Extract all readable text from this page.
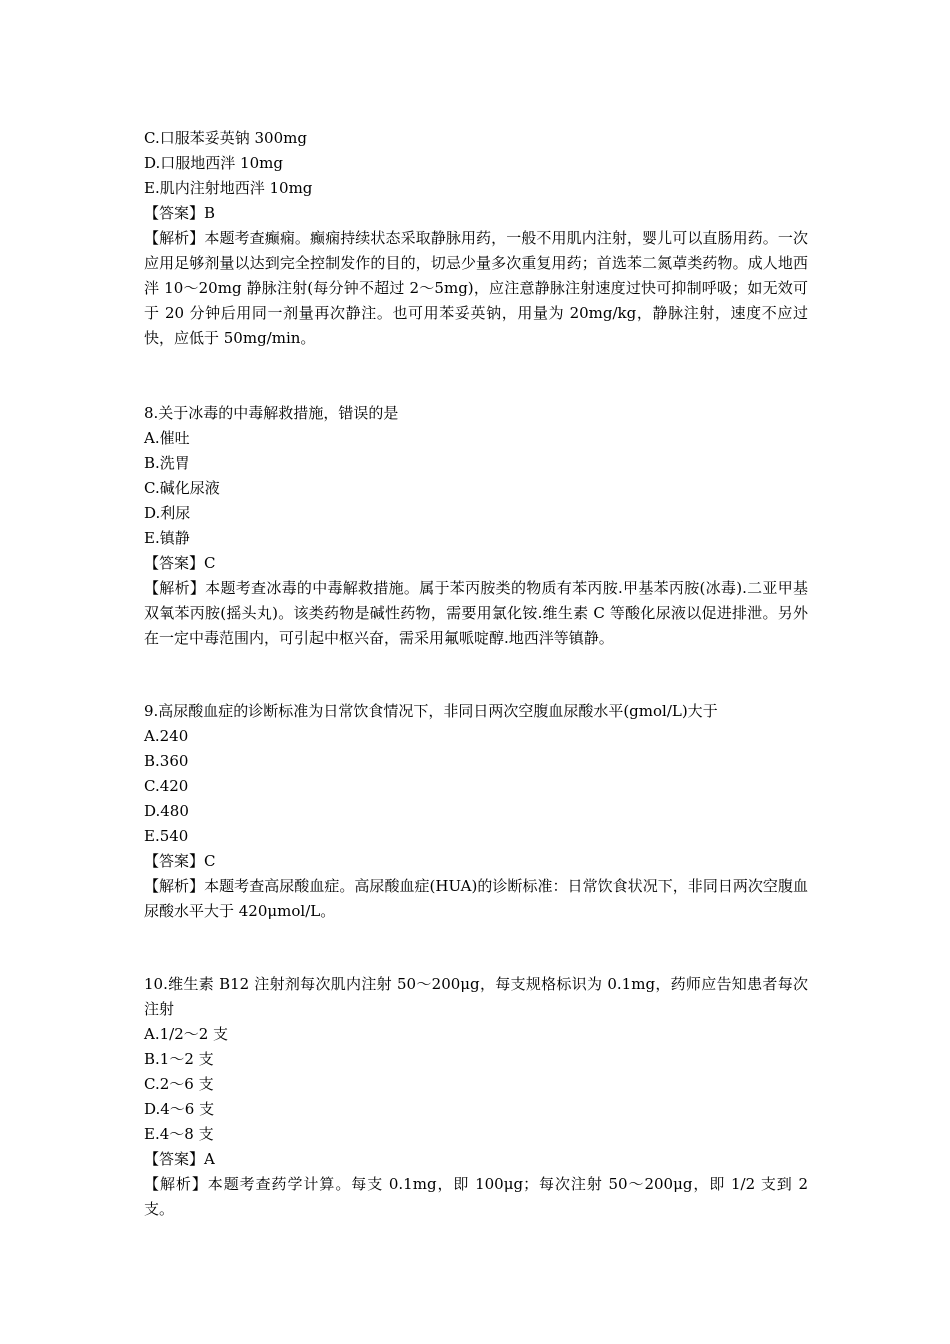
C.口服苯妥英钠 300mg
D.口服地西泮 10mg
E.肌内注射地西泮 10mg
【答案】B
【解析】本题考查癫痫。癫痫持续状态采取静脉用药，一般不用肌内注射，婴儿可以直肠用药。一次应用足够剂量以达到完全控制发作的目的，切忌少量多次重复用药；首选苯二氮䓬类药物。成人地西泮 10～20mg 静脉注射(每分钟不超过 2～5mg)，应注意静脉注射速度过快可抑制呼吸；如无效可于 20 分钟后用同一剂量再次静注。也可用苯妥英钠，用量为 20mg/kg，静脉注射，速度不应过快，应低于 50mg/min。
8.关于冰毒的中毒解救措施，错误的是
A.催吐
B.洗胃
C.碱化尿液
D.利尿
E.镇静
【答案】C
【解析】本题考查冰毒的中毒解救措施。属于苯丙胺类的物质有苯丙胺.甲基苯丙胺(冰毒).二亚甲基双氧苯丙胺(摇头丸)。该类药物是碱性药物，需要用氯化铵.维生素 C 等酸化尿液以促进排泄。另外在一定中毒范围内，可引起中枢兴奋，需采用氟哌啶醇.地西泮等镇静。
9.高尿酸血症的诊断标准为日常饮食情况下，非同日两次空腹血尿酸水平(gmol/L)大于
A.240
B.360
C.420
D.480
E.540
【答案】C
【解析】本题考查高尿酸血症。高尿酸血症(HUA)的诊断标准：日常饮食状况下，非同日两次空腹血尿酸水平大于 420μmol/L。
10.维生素 B12 注射剂每次肌内注射 50～200μg，每支规格标识为 0.1mg，药师应告知患者每次注射
A.1/2～2 支
B.1～2 支
C.2～6 支
D.4～6 支
E.4～8 支
【答案】A
【解析】本题考查药学计算。每支 0.1mg，即 100μg；每次注射 50～200μg，即 1/2 支到 2 支。
